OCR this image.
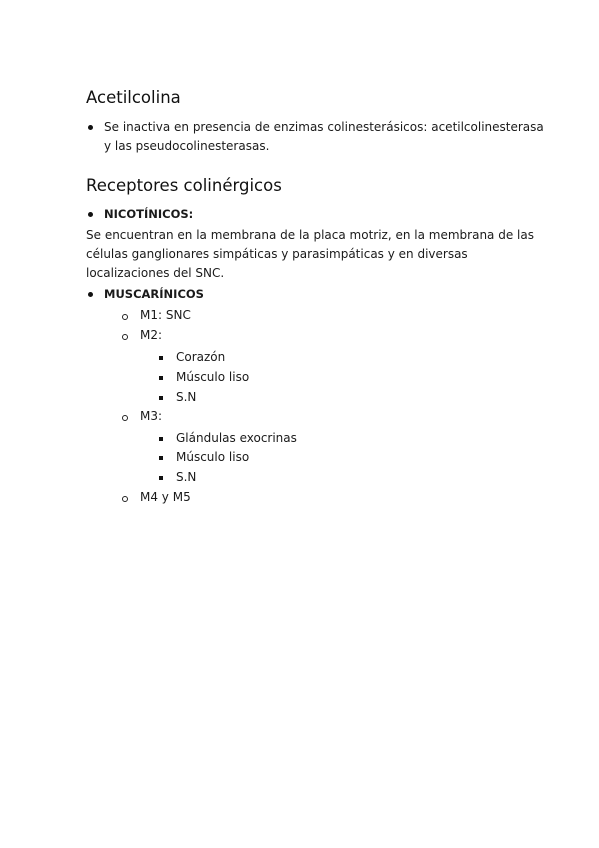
Acetilcolina
Se inactiva en presencia de enzimas colinesterásicos: acetilcolinesterasa
y las pseudocolinesterasas.
Receptores colinérgicos
NICOTÍNICOS:
Se encuentran en la membrana de la placa motriz, en la membrana de las
células ganglionares simpáticas y parasimpáticas y en diversas
localizaciones del SNC.
MUSCARÍNICOS
M1: SNC
M2:
Corazón
Músculo liso
S.N
M3:
Glándulas exocrinas
Músculo liso
S.N
M4 y M5
